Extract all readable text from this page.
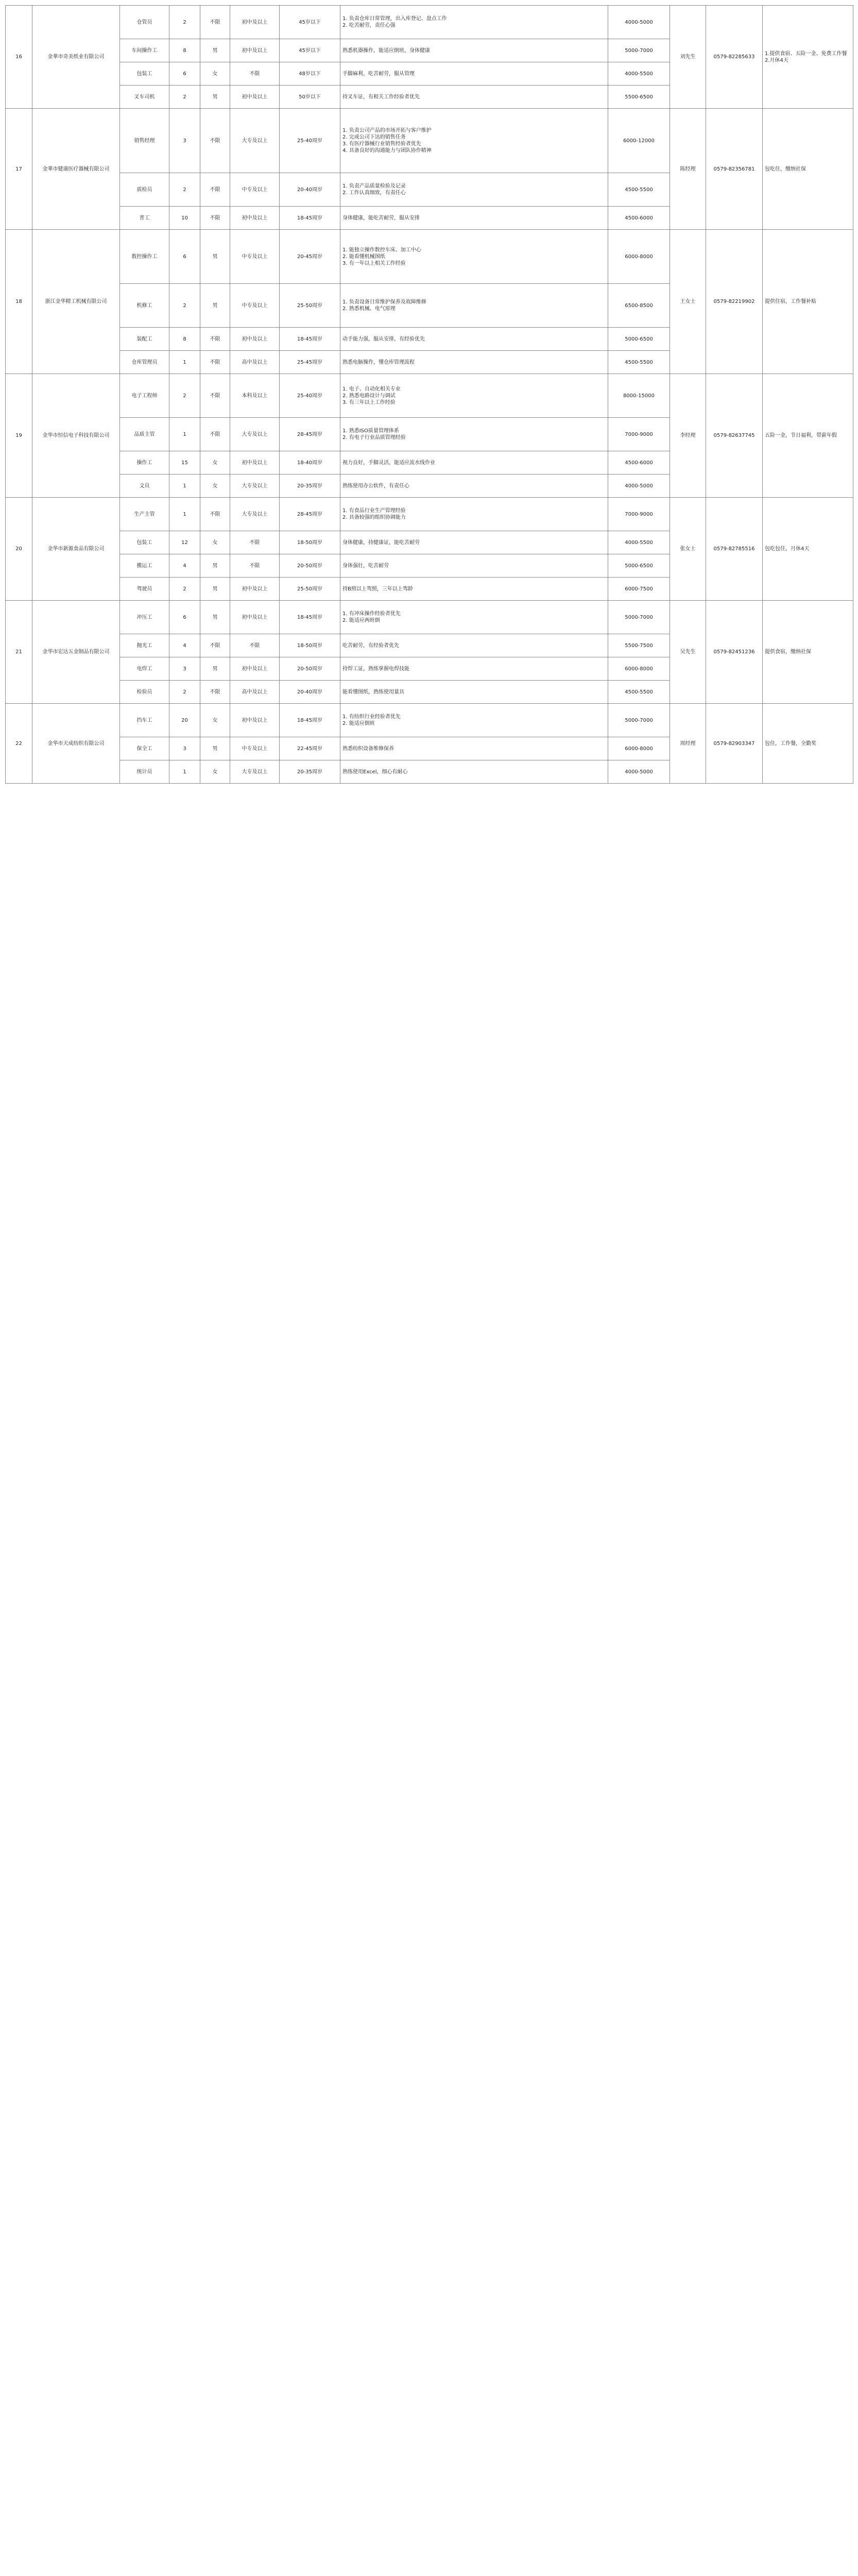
16	金華市奇美纸业有限公司	仓管员	2	不限	初中及以上	45岁以下	1. 负责仓库日常管理，出入库登记、盘点工作
2. 吃苦耐劳，责任心强	4000-5000	刘先生	0579-82285633	1.提供食宿、五险一金、免费工作餐
2.月休4天
		车间操作工	8	男	初中及以上	45岁以下	熟悉机器操作，能适应倒班，身体健康	5000-7000			
		包装工	6	女	不限	48岁以下	手脚麻利，吃苦耐劳，服从管理	4000-5500			
		叉车司机	2	男	初中及以上	50岁以下	持叉车证，有相关工作经验者优先	5500-6500			
17	金華市健康医疗器械有限公司	销售经理	3	不限	大专及以上	25-40周岁	1. 负责公司产品的市场开拓与客户维护
2. 完成公司下达的销售任务
3. 有医疗器械行业销售经验者优先
4. 具备良好的沟通能力与团队协作精神	6000-12000	陈经理	0579-82356781	包吃住，缴纳社保
		质检员	2	不限	中专及以上	20-40周岁	1. 负责产品质量检验及记录
2. 工作认真细致，有责任心	4500-5500			
		普工	10	不限	初中及以上	18-45周岁	身体健康，能吃苦耐劳，服从安排	4500-6000			
18	浙江金华精工机械有限公司	数控操作工	6	男	中专及以上	20-45周岁	1. 能独立操作数控车床、加工中心
2. 能看懂机械图纸
3. 有一年以上相关工作经验	6000-8000	王女士	0579-82219902	提供住宿，工作餐补贴
		机修工	2	男	中专及以上	25-50周岁	1. 负责设备日常维护保养及故障维修
2. 熟悉机械、电气原理	6500-8500			
		装配工	8	不限	初中及以上	18-45周岁	动手能力强，服从安排，有经验优先	5000-6500			
		仓库管理员	1	不限	高中及以上	25-45周岁	熟悉电脑操作，懂仓库管理流程	4500-5500			
19	金华市恒信电子科技有限公司	电子工程师	2	不限	本科及以上	25-40周岁	1. 电子、自动化相关专业
2. 熟悉电路设计与调试
3. 有三年以上工作经验	8000-15000	李经理	0579-82637745	五险一金，节日福利，带薪年假
		品质主管	1	不限	大专及以上	28-45周岁	1. 熟悉ISO质量管理体系
2. 有电子行业品质管理经验	7000-9000			
		操作工	15	女	初中及以上	18-40周岁	视力良好，手脚灵活，能适应流水线作业	4500-6000			
		文员	1	女	大专及以上	20-35周岁	熟练使用办公软件，有责任心	4000-5000			
20	金华市新源食品有限公司	生产主管	1	不限	大专及以上	28-45周岁	1. 有食品行业生产管理经验
2. 具备较强的组织协调能力	7000-9000	张女士	0579-82785516	包吃包住，月休4天
		包装工	12	女	不限	18-50周岁	身体健康，持健康证，能吃苦耐劳	4000-5500			
		搬运工	4	男	不限	20-50周岁	身体强壮，吃苦耐劳	5000-6500			
		驾驶员	2	男	初中及以上	25-50周岁	持B照以上驾照，三年以上驾龄	6000-7500			
21	金华市宏达五金制品有限公司	冲压工	6	男	初中及以上	18-45周岁	1. 有冲床操作经验者优先
2. 能适应两班倒	5000-7000	吴先生	0579-82451236	提供食宿，缴纳社保
		抛光工	4	不限	不限	18-50周岁	吃苦耐劳，有经验者优先	5500-7500			
		电焊工	3	男	初中及以上	20-50周岁	持焊工证，熟练掌握电焊技能	6000-8000			
		检验员	2	不限	高中及以上	20-40周岁	能看懂图纸，熟练使用量具	4500-5500			
22	金华市天成纺织有限公司	挡车工	20	女	初中及以上	18-45周岁	1. 有纺织行业经验者优先
2. 能适应倒班	5000-7000	周经理	0579-82903347	包住，工作餐，全勤奖
		保全工	3	男	中专及以上	22-45周岁	熟悉纺织设备维修保养	6000-8000			
		统计员	1	女	大专及以上	20-35周岁	熟练使用Excel，细心有耐心	4000-5000			
